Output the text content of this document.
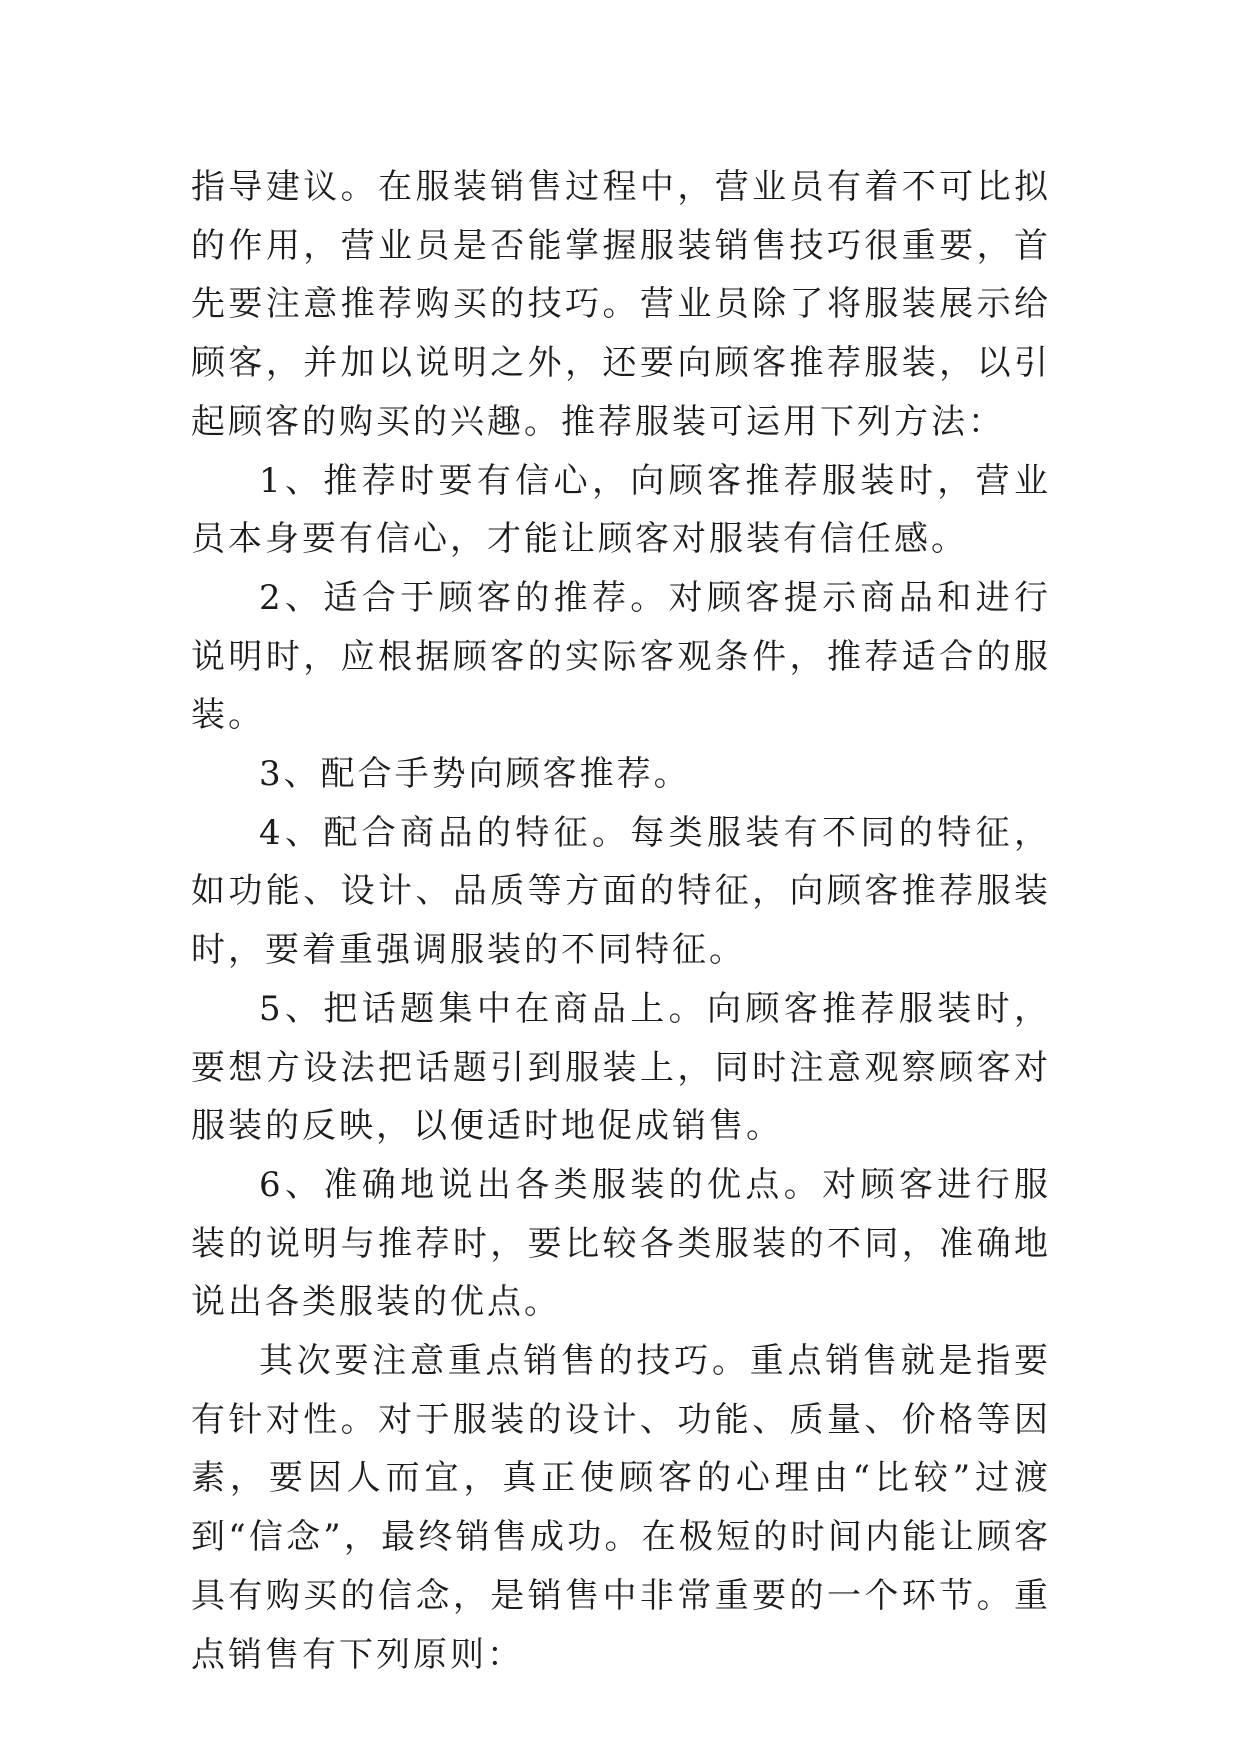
指导建议。在服装销售过程中，营业员有着不可比拟的作用，营业员是否能掌握服装销售技巧很重要，首先要注意推荐购买的技巧。营业员除了将服装展示给顾客，并加以说明之外，还要向顾客推荐服装，以引起顾客的购买的兴趣。推荐服装可运用下列方法：

1、推荐时要有信心，向顾客推荐服装时，营业员本身要有信心，才能让顾客对服装有信任感。

2、适合于顾客的推荐。对顾客提示商品和进行说明时，应根据顾客的实际客观条件，推荐适合的服装。

3、配合手势向顾客推荐。

4、配合商品的特征。每类服装有不同的特征，如功能、设计、品质等方面的特征，向顾客推荐服装时，要着重强调服装的不同特征。

5、把话题集中在商品上。向顾客推荐服装时，要想方设法把话题引到服装上，同时注意观察顾客对服装的反映，以便适时地促成销售。

6、准确地说出各类服装的优点。对顾客进行服装的说明与推荐时，要比较各类服装的不同，准确地说出各类服装的优点。

其次要注意重点销售的技巧。重点销售就是指要有针对性。对于服装的设计、功能、质量、价格等因素，要因人而宜，真正使顾客的心理由“比较”过渡到“信念”，最终销售成功。在极短的时间内能让顾客具有购买的信念，是销售中非常重要的一个环节。重点销售有下列原则：
